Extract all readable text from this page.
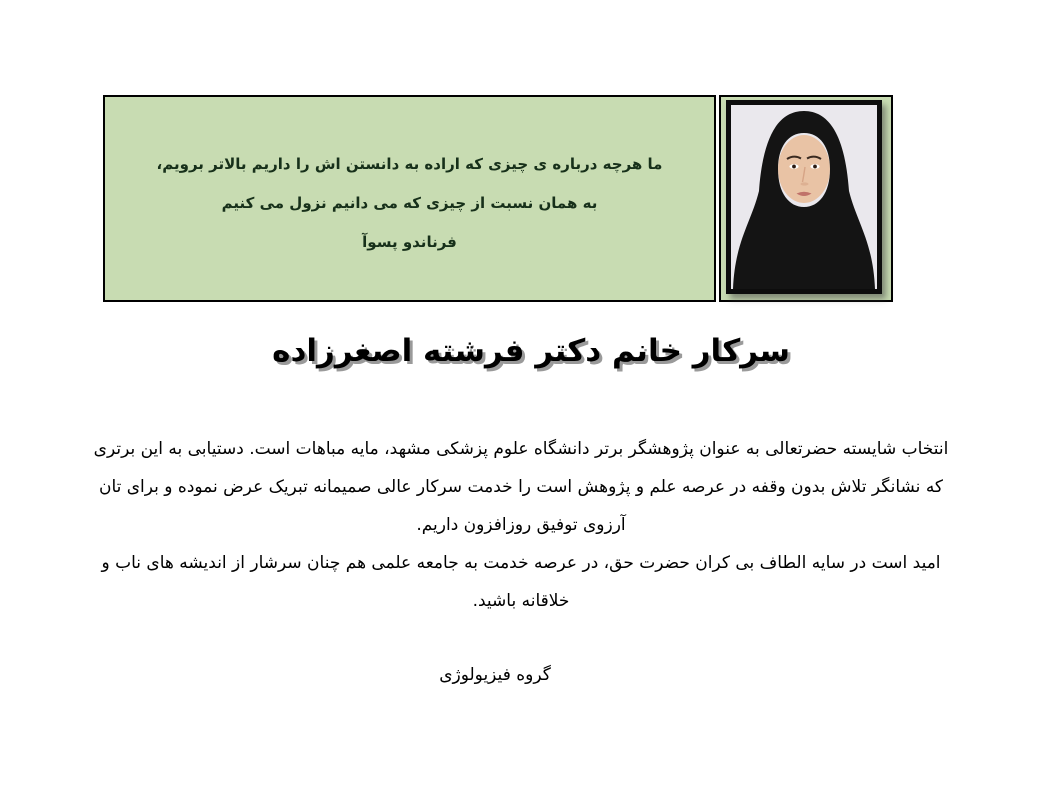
ما هرچه درباره ی چیزی که اراده به دانستن اش را داریم بالاتر برویم،
به همان نسبت از چیزی که می دانیم نزول می کنیم
فرناندو پسوآ
سرکار خانم دکتر فرشته اصغرزاده
انتخاب شایسته حضرتعالی به عنوان پژوهشگر برتر دانشگاه علوم پزشکی مشهد، مایه مباهات است. دستیابی به این برتری
که نشانگر تلاش بدون وقفه در عرصه علم و پژوهش است را خدمت سرکار عالی صمیمانه تبریک عرض نموده و برای تان
آرزوی توفیق روزافزون داریم.
امید است در سایه الطاف بی کران حضرت حق، در عرصه خدمت به جامعه علمی هم چنان سرشار از اندیشه های ناب و
خلاقانه باشید.
گروه فیزیولوژی
